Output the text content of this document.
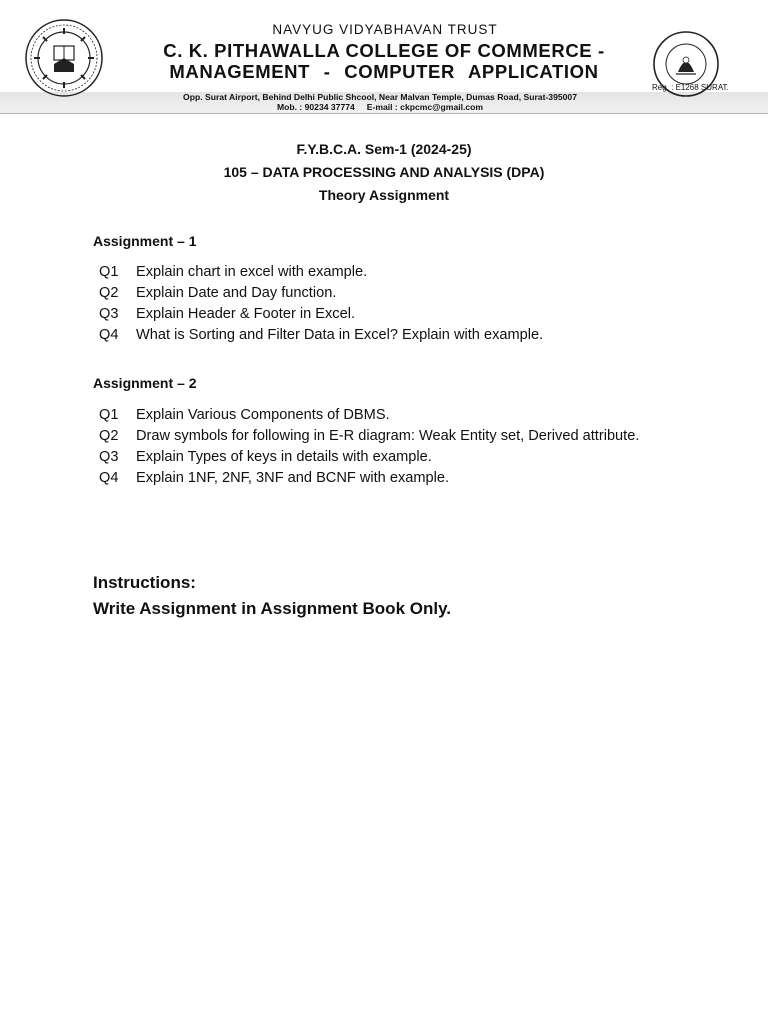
NAVYUG VIDYABHAVAN TRUST
C. K. PITHAWALLA COLLEGE OF COMMERCE -
MANAGEMENT - COMPUTER APPLICATION
Opp. Surat Airport, Behind Delhi Public Shcool, Near Malvan Temple, Dumas Road, Surat-395007
Mob. : 90234 37774     E-mail : ckpcmc@gmail.com
Reg. : E1268 SURAT.
F.Y.B.C.A. Sem-1 (2024-25)
105 – DATA PROCESSING AND ANALYSIS (DPA)
Theory Assignment
Assignment – 1
Q1	Explain chart in excel with example.
Q2	Explain Date and Day function.
Q3	Explain Header & Footer in Excel.
Q4	What is Sorting and Filter Data in Excel? Explain with example.
Assignment – 2
Q1	Explain Various Components of DBMS.
Q2	Draw symbols for following in E-R diagram: Weak Entity set, Derived attribute.
Q3	Explain Types of keys in details with example.
Q4	Explain 1NF, 2NF, 3NF and BCNF with example.
Instructions:
Write Assignment in Assignment Book Only.
